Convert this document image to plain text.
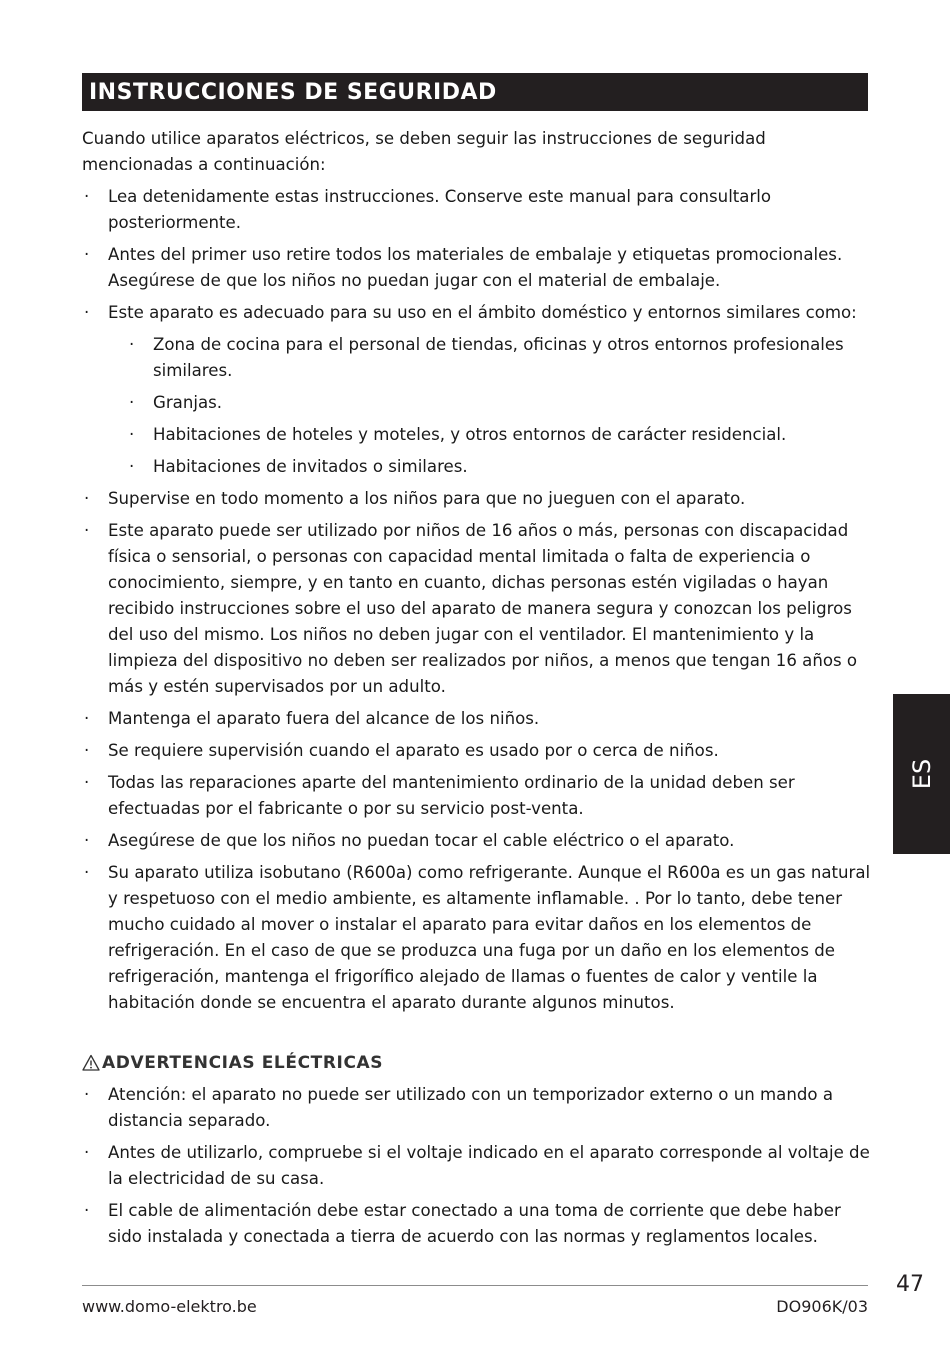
INSTRUCCIONES DE SEGURIDAD

Cuando utilice aparatos eléctricos, se deben seguir las instrucciones de seguridad mencionadas a continuación:

· Lea detenidamente estas instrucciones. Conserve este manual para consultarlo posteriormente.
· Antes del primer uso retire todos los materiales de embalaje y etiquetas promocionales. Asegúrese de que los niños no puedan jugar con el material de embalaje.
· Este aparato es adecuado para su uso en el ámbito doméstico y entornos similares como:
· Zona de cocina para el personal de tiendas, oficinas y otros entornos profesionales similares.
· Granjas.
· Habitaciones de hoteles y moteles, y otros entornos de carácter residencial.
· Habitaciones de invitados o similares.
· Supervise en todo momento a los niños para que no jueguen con el aparato.
· Este aparato puede ser utilizado por niños de 16 años o más, personas con discapacidad física o sensorial, o personas con capacidad mental limitada o falta de experiencia o conocimiento, siempre, y en tanto en cuanto, dichas personas estén vigiladas o hayan recibido instrucciones sobre el uso del aparato de manera segura y conozcan los peligros del uso del mismo. Los niños no deben jugar con el ventilador. El mantenimiento y la limpieza del dispositivo no deben ser realizados por niños, a menos que tengan 16 años o más y estén supervisados por un adulto.
· Mantenga el aparato fuera del alcance de los niños.
· Se requiere supervisión cuando el aparato es usado por o cerca de niños.
· Todas las reparaciones aparte del mantenimiento ordinario de la unidad deben ser efectuadas por el fabricante o por su servicio post-venta.
· Asegúrese de que los niños no puedan tocar el cable eléctrico o el aparato.
· Su aparato utiliza isobutano (R600a) como refrigerante. Aunque el R600a es un gas natural y respetuoso con el medio ambiente, es altamente inflamable. . Por lo tanto, debe tener mucho cuidado al mover o instalar el aparato para evitar daños en los elementos de refrigeración. En el caso de que se produzca una fuga por un daño en los elementos de refrigeración, mantenga el frigorífico alejado de llamas o fuentes de calor y ventile la habitación donde se encuentra el aparato durante algunos minutos.
ADVERTENCIAS ELÉCTRICAS
· Atención: el aparato no puede ser utilizado con un temporizador externo o un mando a distancia separado.
· Antes de utilizarlo, compruebe si el voltaje indicado en el aparato corresponde al voltaje de la electricidad de su casa.
· El cable de alimentación debe estar conectado a una toma de corriente que debe haber sido instalada y conectada a tierra de acuerdo con las normas y reglamentos locales.
ES
47
www.domo-elektro.be	DO906K/03
